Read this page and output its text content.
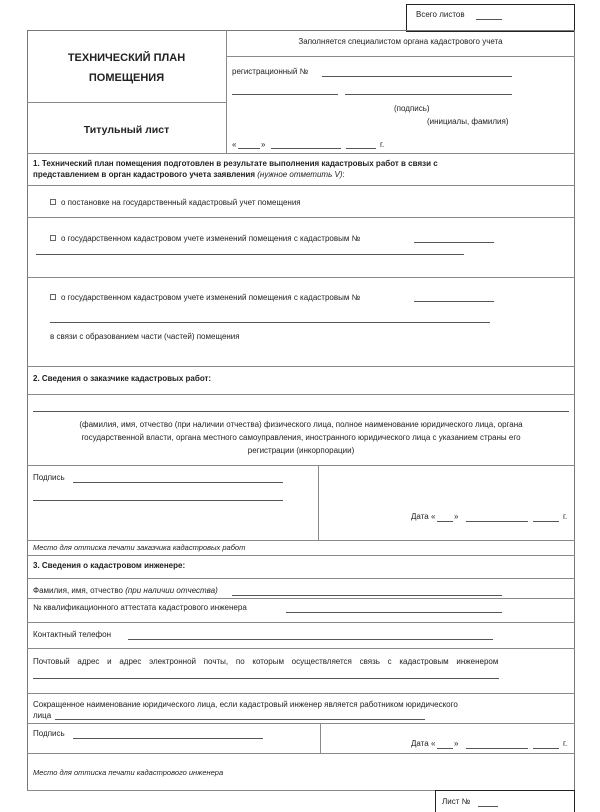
Всего листов
ТЕХНИЧЕСКИЙ ПЛАН
ПОМЕЩЕНИЯ
Титульный лист
Заполняется специалистом органа кадастрового учета
регистрационный №
(подпись)
(инициалы, фамилия)
«	»	г.
1. Технический план помещения подготовлен в результате выполнения кадастровых работ в связи с
представлением в орган кадастрового учета заявления (нужное отметить V):
о постановке на государственный кадастровый учет помещения
о государственном кадастровом учете изменений помещения с кадастровым №
о государственном кадастровом учете изменений помещения с кадастровым №
в связи с образованием части (частей) помещения
2. Сведения о заказчике кадастровых работ:
(фамилия, имя, отчество (при наличии отчества) физического лица, полное наименование юридического лица, органа
государственной власти, органа местного самоуправления, иностранного юридического лица с указанием страны его
регистрации (инкорпорации)
Подпись
Дата « »	г.
Место для оттиска печати заказчика кадастровых работ
3. Сведения о кадастровом инженере:
Фамилия, имя, отчество (при наличии отчества)
№ квалификационного аттестата кадастрового инженера
Контактный телефон
Почтовый адрес и адрес электронной почты, по которым осуществляется связь с кадастровым инженером
Сокращенное наименование юридического лица, если кадастровый инженер является работником юридического
лица
Подпись
Дата « »	г.
Место для оттиска печати кадастрового инженера
Лист №
